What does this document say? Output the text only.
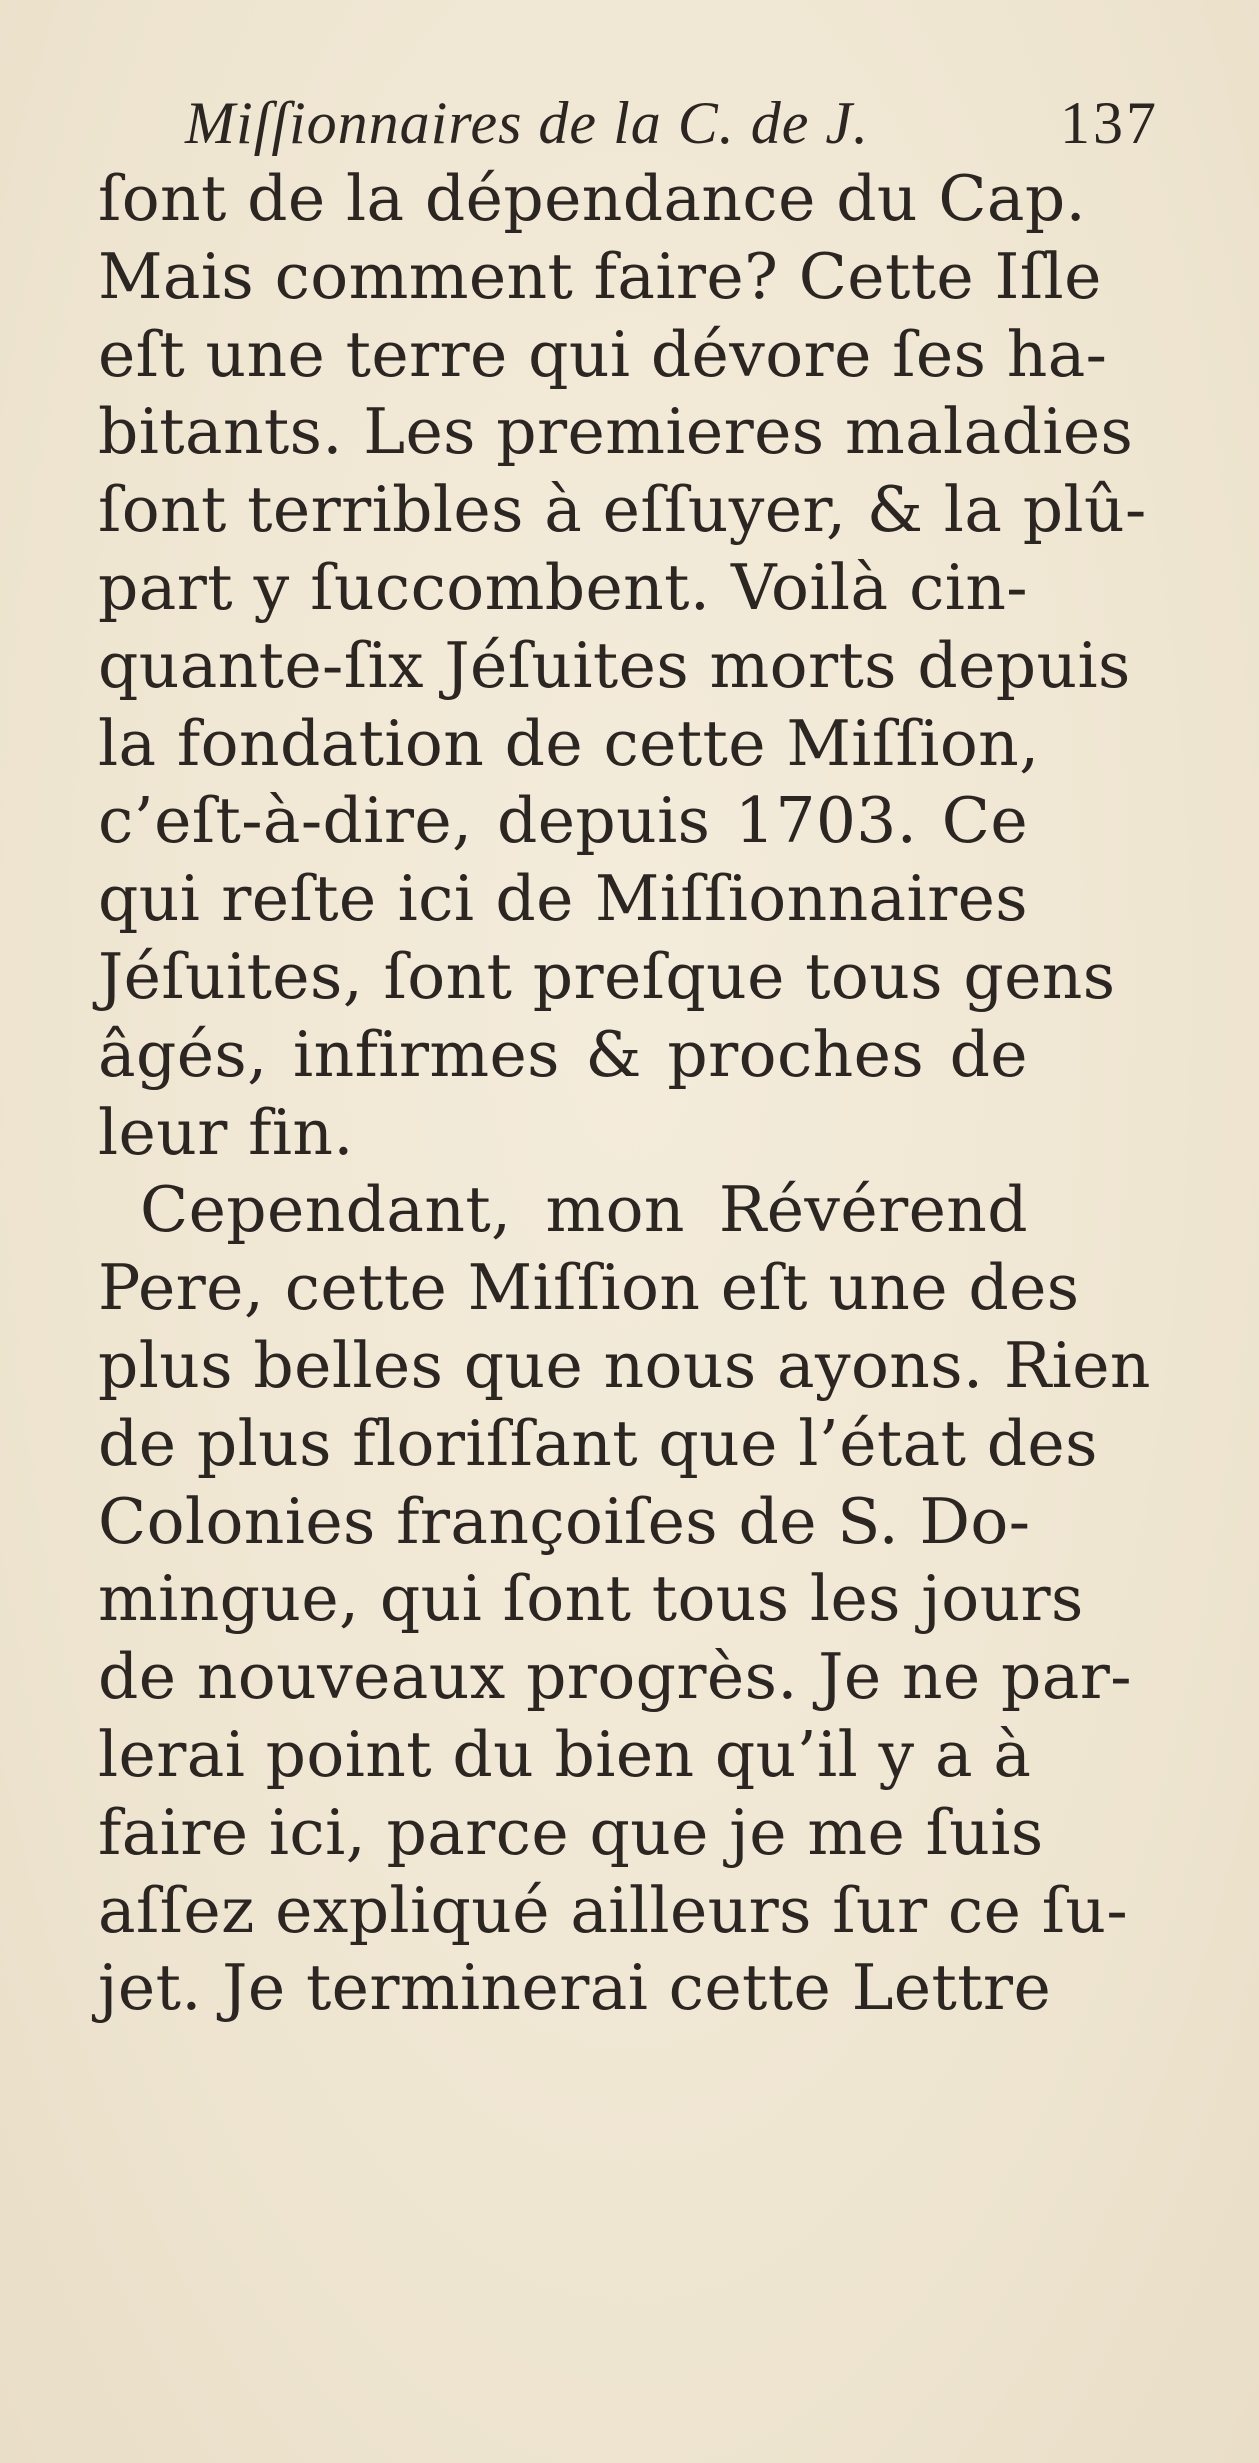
Miſſionnaires de la C. de J.	137
ſont de la dépendance du Cap.
Mais comment faire? Cette Iſle
eſt une terre qui dévore ſes ha-
bitants. Les premieres maladies
ſont terribles à eſſuyer, & la plû-
part y ſuccombent. Voilà cin-
quante-ſix Jéſuites morts depuis
la fondation de cette Miſſion,
c’eſt-à-dire, depuis 1703. Ce
qui reſte ici de Miſſionnaires
Jéſuites, ſont preſque tous gens
âgés, infirmes & proches de
leur fin.
Cependant, mon Révérend
Pere, cette Miſſion eſt une des
plus belles que nous ayons. Rien
de plus floriſſant que l’état des
Colonies françoiſes de S. Do-
mingue, qui ſont tous les jours
de nouveaux progrès. Je ne par-
lerai point du bien qu’il y a à
faire ici, parce que je me ſuis
aſſez expliqué ailleurs ſur ce ſu-
jet. Je terminerai cette Lettre
